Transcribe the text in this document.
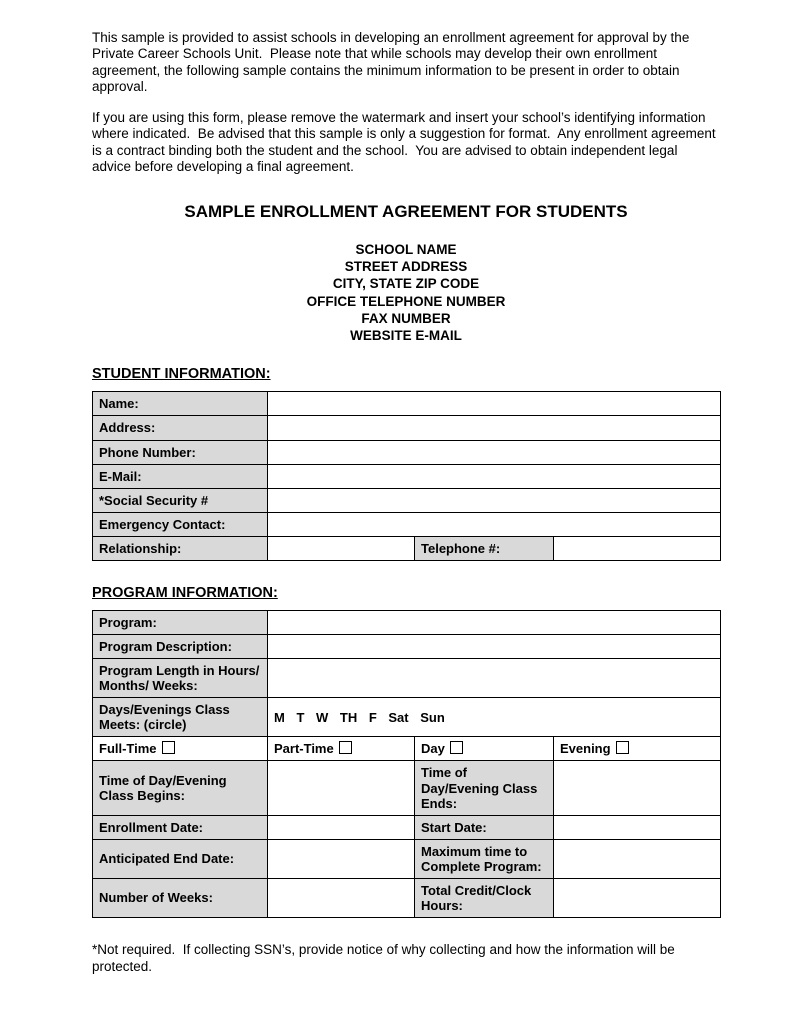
This sample is provided to assist schools in developing an enrollment agreement for approval by the Private Career Schools Unit.  Please note that while schools may develop their own enrollment agreement, the following sample contains the minimum information to be present in order to obtain approval.

If you are using this form, please remove the watermark and insert your school’s identifying information where indicated.  Be advised that this sample is only a suggestion for format.  Any enrollment agreement is a contract binding both the student and the school.  You are advised to obtain independent legal advice before developing a final agreement.

SAMPLE ENROLLMENT AGREEMENT FOR STUDENTS
SCHOOL NAME
STREET ADDRESS
CITY, STATE ZIP CODE
OFFICE TELEPHONE NUMBER
FAX NUMBER
WEBSITE E-MAIL
STUDENT INFORMATION:
Name:			
Address:			
Phone Number:			
E-Mail:			
*Social Security #			
Emergency Contact:			
Relationship:		Telephone #:	
PROGRAM INFORMATION:
Program:			
Program Description:			
Program Length in Hours/ Months/ Weeks:			
Days/Evenings Class Meets: (circle)	M T W TH F Sat Sun		
Full-Time	Part-Time	Day	Evening
Time of Day/Evening Class Begins:		Time of Day/Evening Class Ends:	
Enrollment Date:		Start Date:	
Anticipated End Date:		Maximum time to Complete Program:	
Number of Weeks:		Total Credit/Clock Hours:	

*Not required.  If collecting SSN’s, provide notice of why collecting and how the information will be protected.
